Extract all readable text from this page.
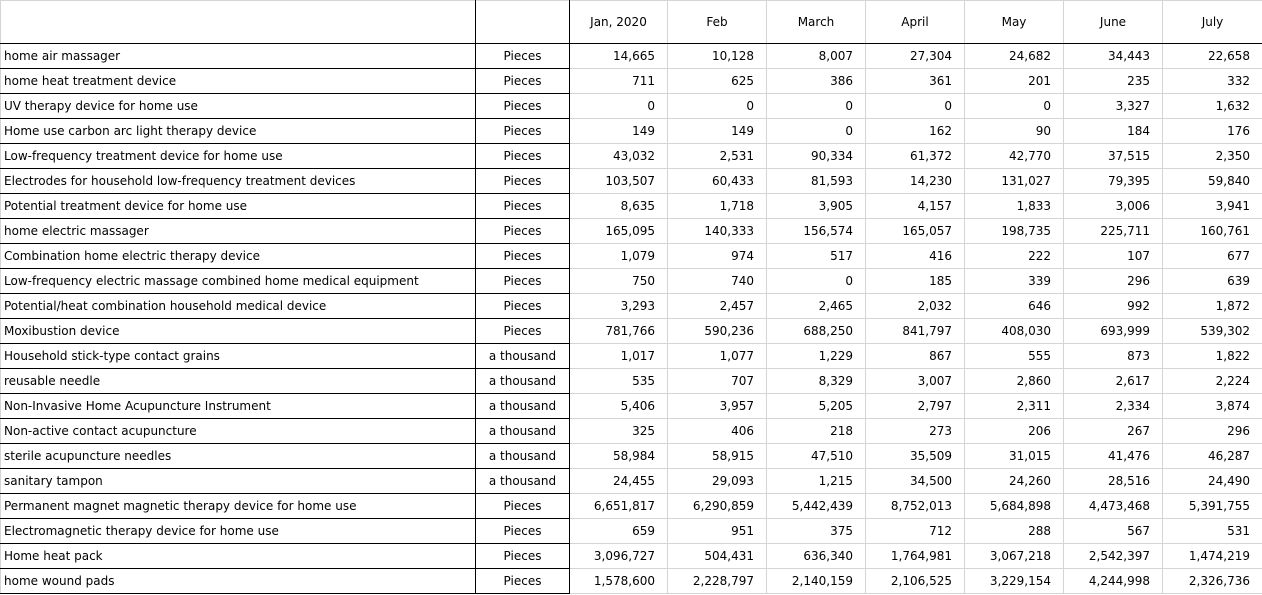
		Jan, 2020	Feb	March	April	May	June	July
home air massager	Pieces	14,665	10,128	8,007	27,304	24,682	34,443	22,658
home heat treatment device	Pieces	711	625	386	361	201	235	332
UV therapy device for home use	Pieces	0	0	0	0	0	3,327	1,632
Home use carbon arc light therapy device	Pieces	149	149	0	162	90	184	176
Low-frequency treatment device for home use	Pieces	43,032	2,531	90,334	61,372	42,770	37,515	2,350
Electrodes for household low-frequency treatment devices	Pieces	103,507	60,433	81,593	14,230	131,027	79,395	59,840
Potential treatment device for home use	Pieces	8,635	1,718	3,905	4,157	1,833	3,006	3,941
home electric massager	Pieces	165,095	140,333	156,574	165,057	198,735	225,711	160,761
Combination home electric therapy device	Pieces	1,079	974	517	416	222	107	677
Low-frequency electric massage combined home medical equipment	Pieces	750	740	0	185	339	296	639
Potential/heat combination household medical device	Pieces	3,293	2,457	2,465	2,032	646	992	1,872
Moxibustion device	Pieces	781,766	590,236	688,250	841,797	408,030	693,999	539,302
Household stick-type contact grains	a thousand	1,017	1,077	1,229	867	555	873	1,822
reusable needle	a thousand	535	707	8,329	3,007	2,860	2,617	2,224
Non-Invasive Home Acupuncture Instrument	a thousand	5,406	3,957	5,205	2,797	2,311	2,334	3,874
Non-active contact acupuncture	a thousand	325	406	218	273	206	267	296
sterile acupuncture needles	a thousand	58,984	58,915	47,510	35,509	31,015	41,476	46,287
sanitary tampon	a thousand	24,455	29,093	1,215	34,500	24,260	28,516	24,490
Permanent magnet magnetic therapy device for home use	Pieces	6,651,817	6,290,859	5,442,439	8,752,013	5,684,898	4,473,468	5,391,755
Electromagnetic therapy device for home use	Pieces	659	951	375	712	288	567	531
Home heat pack	Pieces	3,096,727	504,431	636,340	1,764,981	3,067,218	2,542,397	1,474,219
home wound pads	Pieces	1,578,600	2,228,797	2,140,159	2,106,525	3,229,154	4,244,998	2,326,736
